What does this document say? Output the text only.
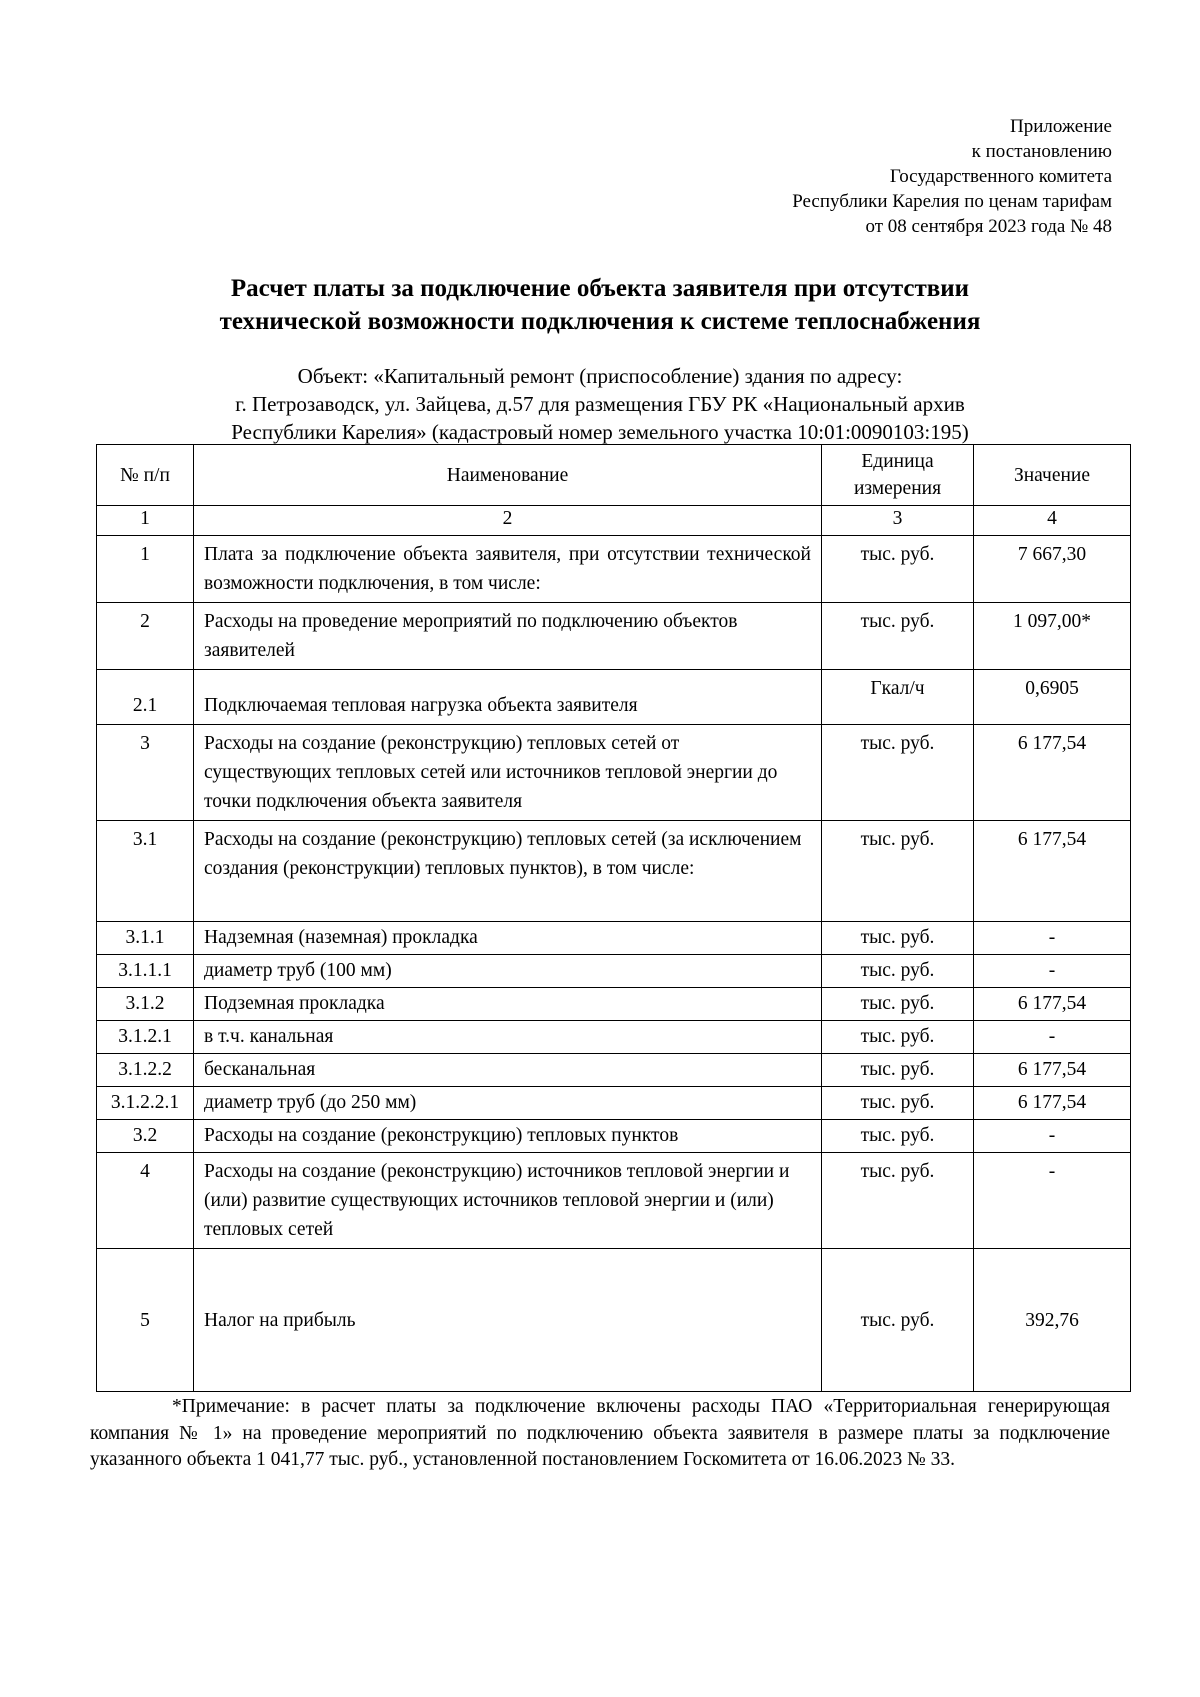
Приложение
к постановлению
Государственного комитета
Республики Карелия по ценам тарифам
от 08 сентября 2023 года № 48
Расчет платы за подключение объекта заявителя при отсутствии
технической возможности подключения к системе теплоснабжения
Объект: «Капитальный ремонт (приспособление) здания по адресу:
г. Петрозаводск, ул. Зайцева, д.57 для размещения ГБУ РК «Национальный архив
Республики Карелия» (кадастровый номер земельного участка 10:01:0090103:195)
№ п/п	Наименование	Единица измерения	Значение
1	2	3	4
1	Плата за подключение объекта заявителя, при отсутствии технической возможности подключения, в том числе:	тыс. руб.	7 667,30
2	Расходы на проведение мероприятий по подключению объектов заявителей	тыс. руб.	1 097,00*
2.1	Подключаемая тепловая нагрузка объекта заявителя	Гкал/ч	0,6905
3	Расходы на создание (реконструкцию) тепловых сетей от существующих тепловых сетей или источников тепловой энергии до точки подключения объекта заявителя	тыс. руб.	6 177,54
3.1	Расходы на создание (реконструкцию) тепловых сетей (за исключением создания (реконструкции) тепловых пунктов), в том числе:	тыс. руб.	6 177,54
3.1.1	Надземная (наземная) прокладка	тыс. руб.	-
3.1.1.1	диаметр труб (100 мм)	тыс. руб.	-
3.1.2	Подземная прокладка	тыс. руб.	6 177,54
3.1.2.1	в т.ч. канальная	тыс. руб.	-
3.1.2.2	бесканальная	тыс. руб.	6 177,54
3.1.2.2.1	диаметр труб (до 250 мм)	тыс. руб.	6 177,54
3.2	Расходы на создание (реконструкцию) тепловых пунктов	тыс. руб.	-
4	Расходы на создание (реконструкцию) источников тепловой энергии и (или) развитие существующих источников тепловой энергии и (или) тепловых сетей	тыс. руб.	-
5	Налог на прибыль	тыс. руб.	392,76
*Примечание: в расчет платы за подключение включены расходы ПАО «Территориальная генерирующая компания № 1» на проведение мероприятий по подключению объекта заявителя в размере платы за подключение указанного объекта 1 041,77 тыс. руб., установленной постановлением Госкомитета от 16.06.2023 № 33.
